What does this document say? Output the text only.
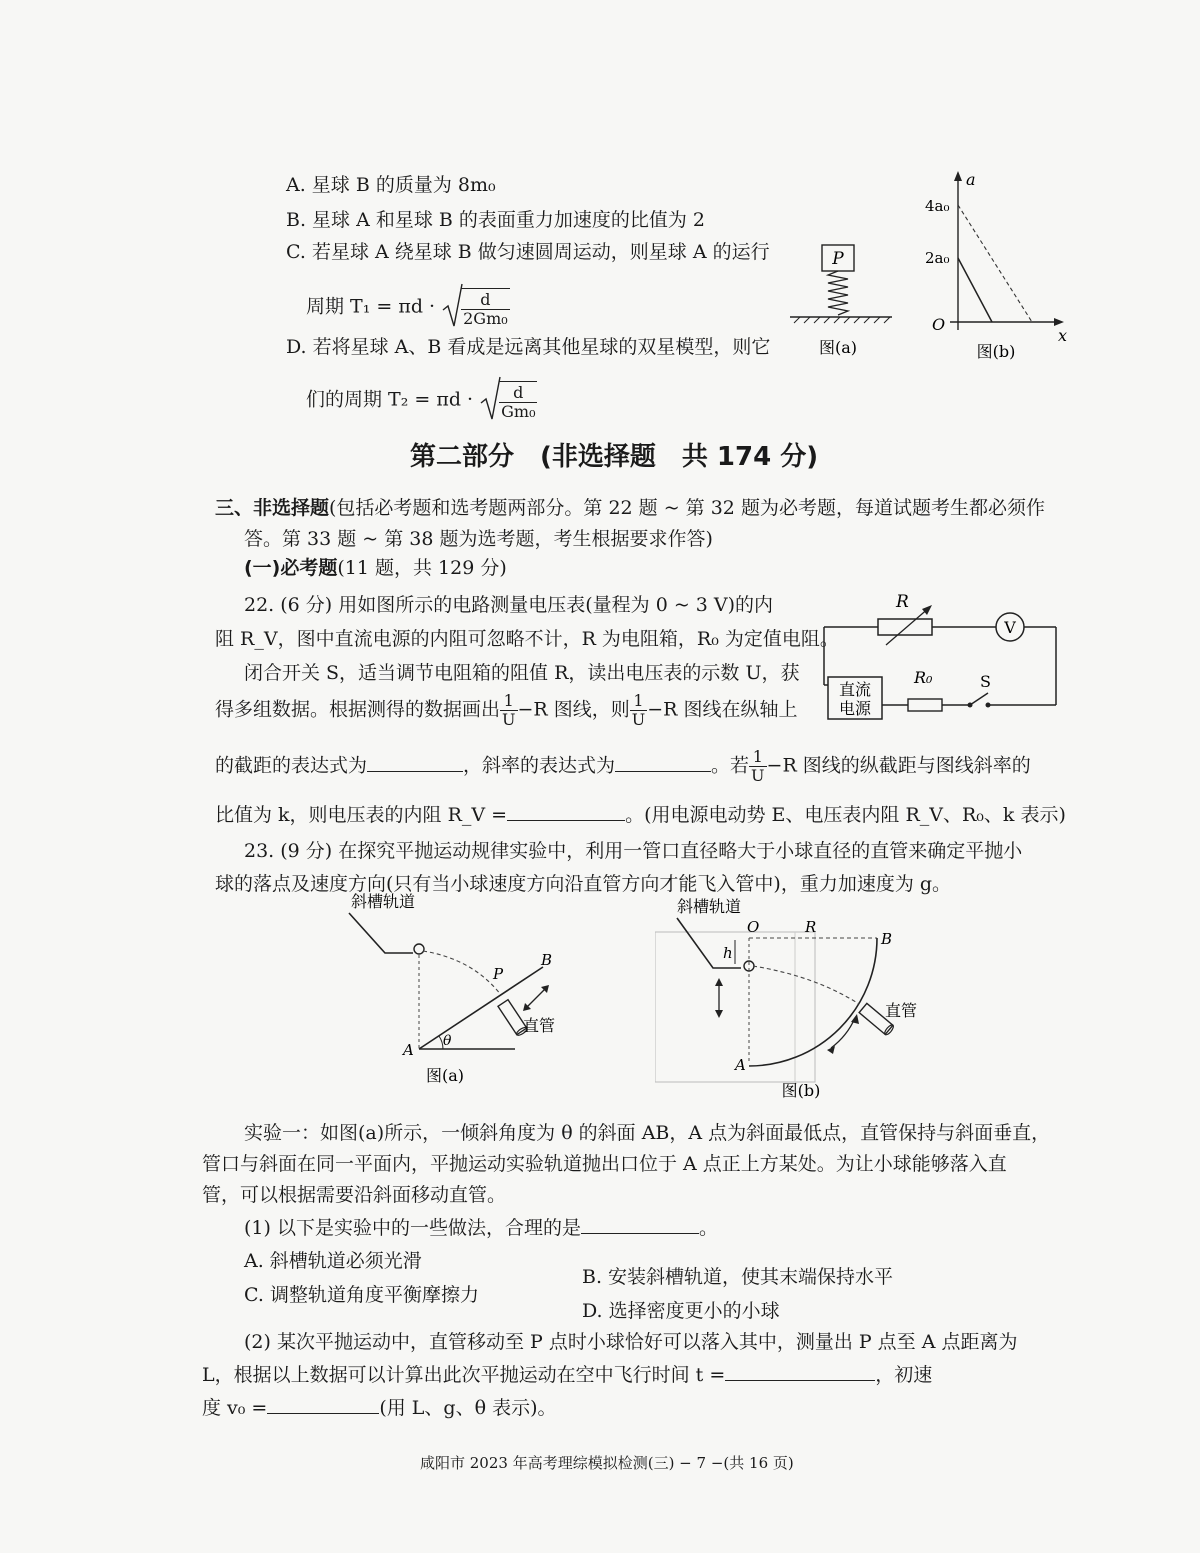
A. 星球 B 的质量为 8m₀
B. 星球 A 和星球 B 的表面重力加速度的比值为 2
C. 若星球 A 绕星球 B 做匀速圆周运动，则星球 A 的运行
周期 $T_1 = \pi d \cdot \frac{d}{\text{2Gm₀}}$
D. 若将星球 A、B 看成是远离其他星球的双星模型，则它
们的周期 $T_2 = \pi d \cdot \frac{d}{\text{Gm₀}}$
P
图(a)
a
x
O
4a₀
2a₀
图(b)
第二部分　(非选择题　共 174 分)
三、非选择题(包括必考题和选考题两部分。第 22 题 ~ 第 32 题为必考题，每道试题考生都必须作
答。第 33 题 ~ 第 38 题为选考题，考生根据要求作答)
(一)必考题(11 题，共 129 分)
22. (6 分) 用如图所示的电路测量电压表(量程为 0 ~ 3 V)的内
阻 R_V，图中直流电源的内阻可忽略不计，R 为电阻箱，R₀ 为定值电阻。
闭合开关 S，适当调节电阻箱的阻值 R，读出电压表的示数 U，获
得多组数据。根据测得的数据画出 $\frac{1}{U} -R$ 图线，则 $\frac{1}{U} -R$ 图线在纵轴上
的截距的表达式为	，斜率的表达式为	。若 $\frac{1}{U} -R$ 图线的纵截距与图线斜率的
比值为 k，则电压表的内阻 R_V =	。(用电源电动势 E、电压表内阻 R_V、R₀、k 表示)
R
V
直流
电源
R₀	S
23. (9 分) 在探究平抛运动规律实验中，利用一管口直径略大于小球直径的直管来确定平抛小
球的落点及速度方向(只有当小球速度方向沿直管方向才能飞入管中)，重力加速度为 g。
斜槽轨道
θ
A
P
B
直管
图(a)
斜槽轨道
O	R
B
h
A
直管
图(b)
实验一：如图(a)所示，一倾斜角度为 θ 的斜面 AB，A 点为斜面最低点，直管保持与斜面垂直，
管口与斜面在同一平面内，平抛运动实验轨道抛出口位于 A 点正上方某处。为让小球能够落入直
管，可以根据需要沿斜面移动直管。
(1) 以下是实验中的一些做法，合理的是	。
A. 斜槽轨道必须光滑
B. 安装斜槽轨道，使其末端保持水平
C. 调整轨道角度平衡摩擦力
D. 选择密度更小的小球
(2) 某次平抛运动中，直管移动至 P 点时小球恰好可以落入其中，测量出 P 点至 A 点距离为
L，根据以上数据可以计算出此次平抛运动在空中飞行时间 t =	，初速
度 v₀ =	(用 L、g、θ 表示)。
咸阳市 2023 年高考理综模拟检测(三) − 7 −(共 16 页)
